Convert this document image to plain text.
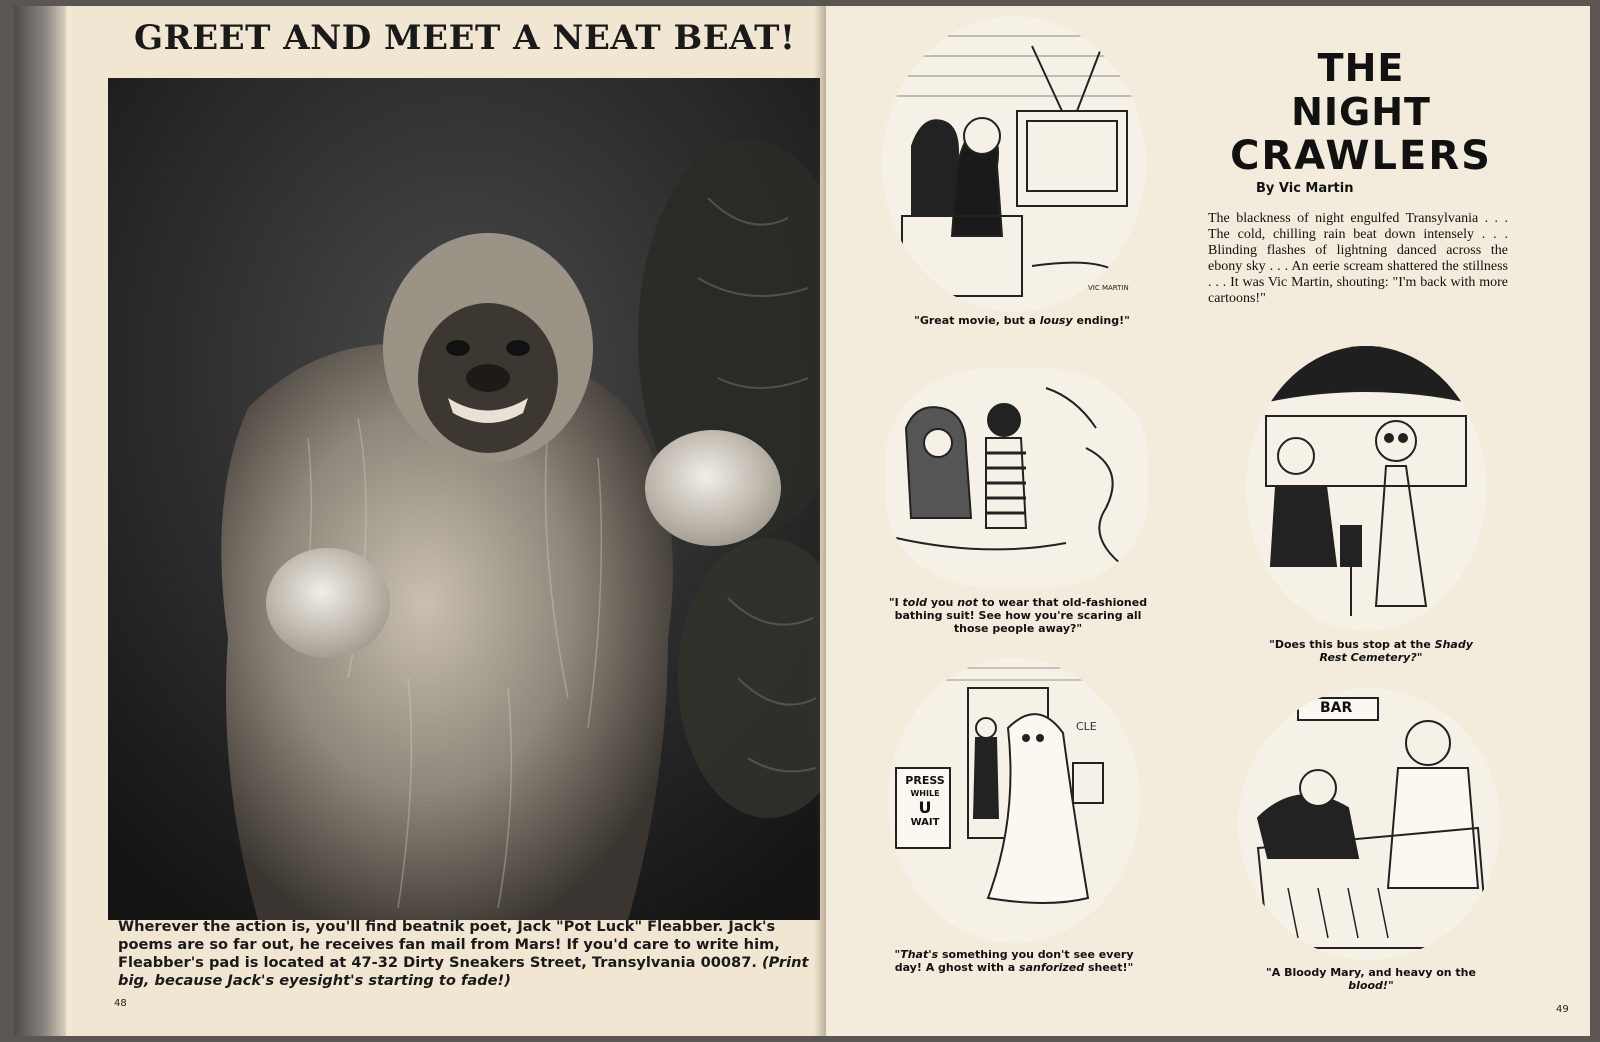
GREET AND MEET A NEAT BEAT!
Wherever the action is, you'll find beatnik poet, Jack "Pot Luck" Fleabber. Jack's poems are so far out, he receives fan mail from Mars! If you'd care to write him, Fleabber's pad is located at 47-32 Dirty Sneakers Street, Transylvania 00087. (Print big, because Jack's eyesight's starting to fade!)
48
THE
NIGHT
CRAWLERS
By Vic Martin
The blackness of night engulfed Transylvania . . . The cold, chilling rain beat down intensely . . . Blinding flashes of lightning danced across the ebony sky . . . An eerie scream shattered the stillness . . . It was Vic Martin, shouting: "I'm back with more cartoons!"
VIC MARTIN
"Great movie, but a lousy ending!"
"I told you not to wear that old-fashioned bathing suit! See how you're scaring all those people away?"
"Does this bus stop at the Shady Rest Cemetery?"
PRESS
WHILE
U
WAIT
CLE
"That's something you don't see every day! A ghost with a sanforized sheet!"
BAR
"A Bloody Mary, and heavy on the blood!"
49
